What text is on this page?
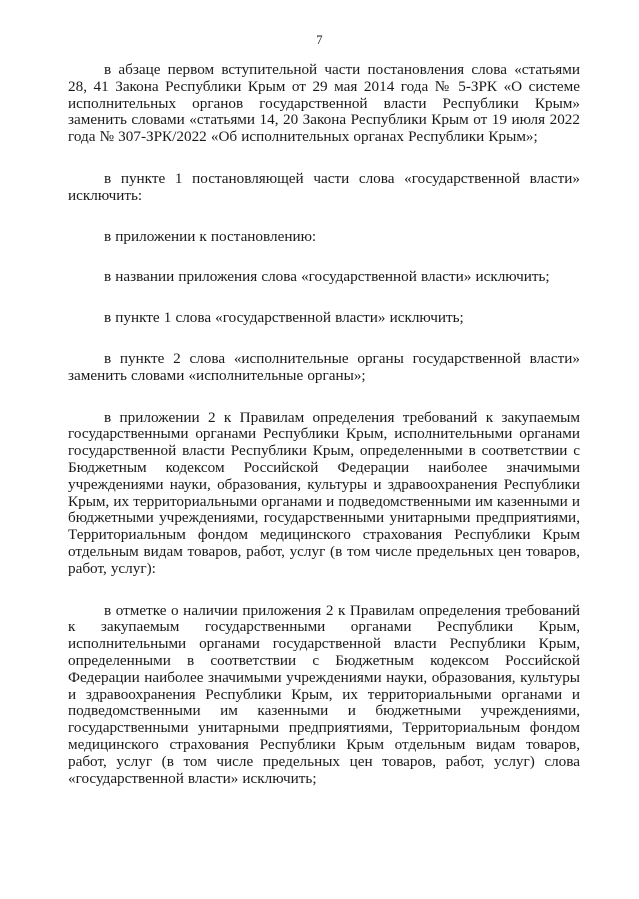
7

в абзаце первом вступительной части постановления слова «статьями 28, 41 Закона Республики Крым от 29 мая 2014 года № 5-ЗРК «О системе исполнительных органов государственной власти Республики Крым» заменить словами «статьями 14, 20 Закона Республики Крым от 19 июля 2022 года № 307-ЗРК/2022 «Об исполнительных органах Республики Крым»;

в пункте 1 постановляющей части слова «государственной власти» исключить:

в приложении к постановлению:

в названии приложения слова «государственной власти» исключить;

в пункте 1 слова «государственной власти» исключить;

в пункте 2 слова «исполнительные органы государственной власти» заменить словами «исполнительные органы»;

в приложении 2 к Правилам определения требований к закупаемым государственными органами Республики Крым, исполнительными органами государственной власти Республики Крым, определенными в соответствии с Бюджетным кодексом Российской Федерации наиболее значимыми учреждениями науки, образования, культуры и здравоохранения Республики Крым, их территориальными органами и подведомственными им казенными и бюджетными учреждениями, государственными унитарными предприятиями, Территориальным фондом медицинского страхования Республики Крым отдельным видам товаров, работ, услуг (в том числе предельных цен товаров, работ, услуг):

в отметке о наличии приложения 2 к Правилам определения требований к закупаемым государственными органами Республики Крым, исполнительными органами государственной власти Республики Крым, определенными в соответствии с Бюджетным кодексом Российской Федерации наиболее значимыми учреждениями науки, образования, культуры и здравоохранения Республики Крым, их территориальными органами и подведомственными им казенными и бюджетными учреждениями, государственными унитарными предприятиями, Территориальным фондом медицинского страхования Республики Крым отдельным видам товаров, работ, услуг (в том числе предельных цен товаров, работ, услуг) слова «государственной власти» исключить;
